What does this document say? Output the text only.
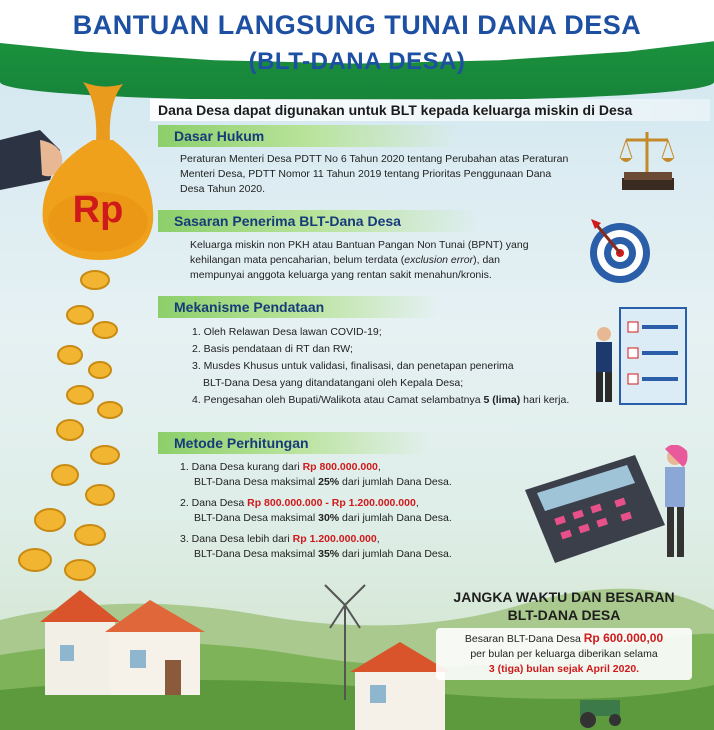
BANTUAN LANGSUNG TUNAI DANA DESA
(BLT-DANA DESA)
Rp
Dana Desa dapat digunakan untuk BLT kepada keluarga miskin di Desa
Dasar Hukum
Peraturan Menteri Desa PDTT No 6 Tahun 2020 tentang Perubahan atas Peraturan
Menteri Desa, PDTT Nomor 11 Tahun 2019 tentang Prioritas Penggunaan Dana
Desa Tahun 2020.
Sasaran Penerima BLT-Dana Desa
Keluarga miskin non PKH atau Bantuan Pangan Non Tunai (BPNT) yang
kehilangan mata pencaharian, belum terdata (exclusion error), dan
mempunyai anggota keluarga yang rentan sakit menahun/kronis.
Mekanisme Pendataan
1. Oleh Relawan Desa lawan COVID-19;
2. Basis pendataan di RT dan RW;
3. Musdes Khusus untuk validasi, finalisasi, dan penetapan penerima
BLT-Dana Desa yang ditandatangani oleh Kepala Desa;
4. Pengesahan oleh Bupati/Walikota atau Camat selambatnya 5 (lima) hari kerja.
Metode Perhitungan
1. Dana Desa kurang dari Rp 800.000.000,
BLT-Dana Desa maksimal 25% dari jumlah Dana Desa.
2. Dana Desa Rp 800.000.000 - Rp 1.200.000.000,
BLT-Dana Desa maksimal 30% dari jumlah Dana Desa.
3. Dana Desa lebih dari Rp 1.200.000.000,
BLT-Dana Desa maksimal 35% dari jumlah Dana Desa.
JANGKA WAKTU DAN BESARAN
BLT-DANA DESA
Besaran BLT-Dana Desa Rp 600.000,00
per bulan per keluarga diberikan selama
3 (tiga) bulan sejak April 2020.
